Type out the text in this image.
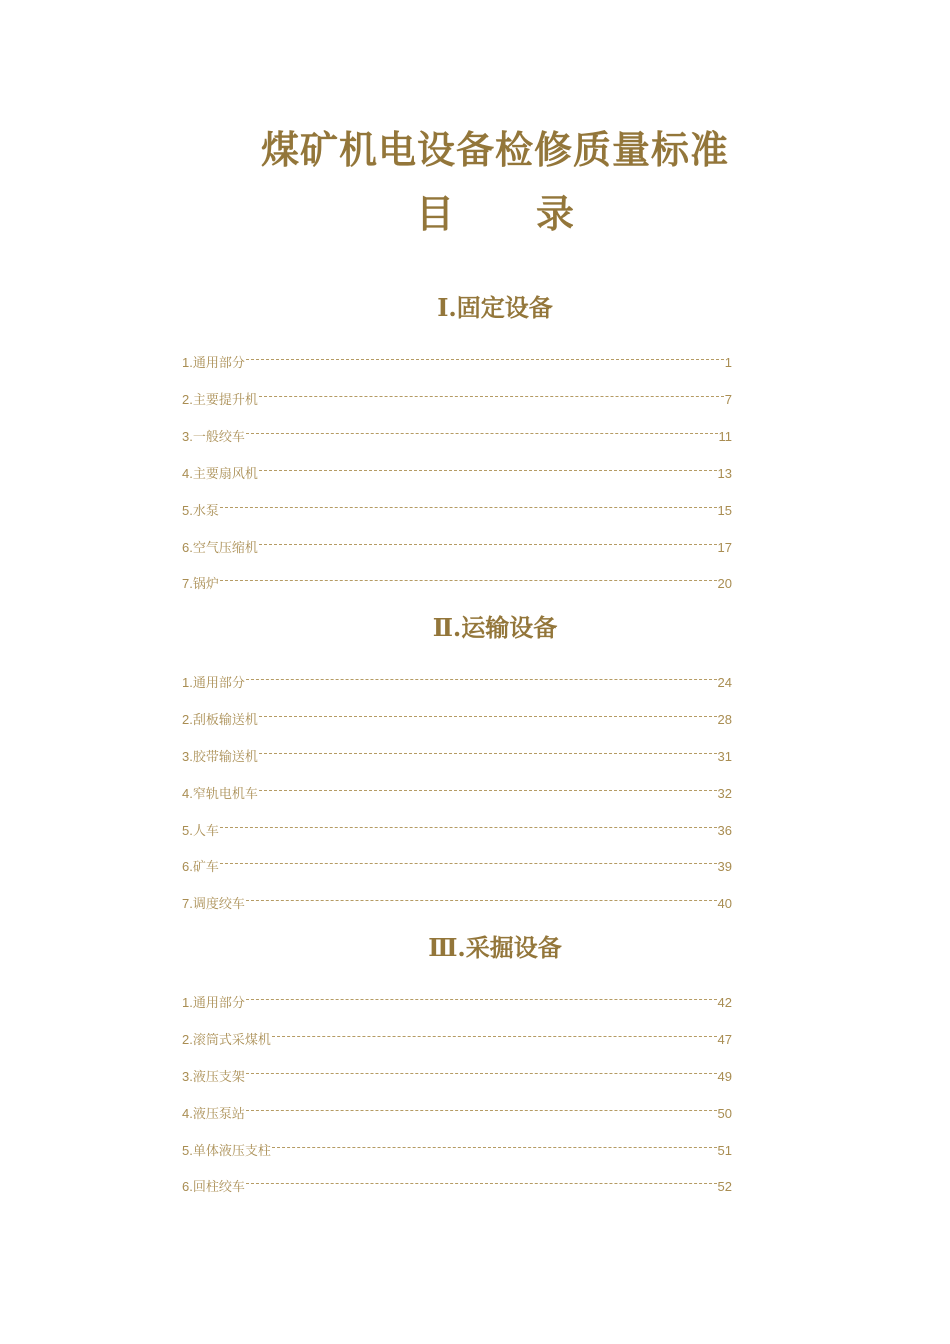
煤矿机电设备检修质量标准
目 录
Ⅰ.固定设备
1. 通用部分	1
2. 主要提升机	7
3. 一般绞车	11
4. 主要扇风机	13
5. 水泵	15
6. 空气压缩机	17
7. 锅炉	20
Ⅱ.运输设备
1. 通用部分	24
2. 刮板输送机	28
3. 胶带输送机	31
4. 窄轨电机车	32
5. 人车	36
6. 矿车	39
7. 调度绞车	40
Ⅲ.采掘设备
1. 通用部分	42
2. 滚筒式采煤机	47
3. 液压支架	49
4. 液压泵站	50
5. 单体液压支柱	51
6. 回柱绞车	52
